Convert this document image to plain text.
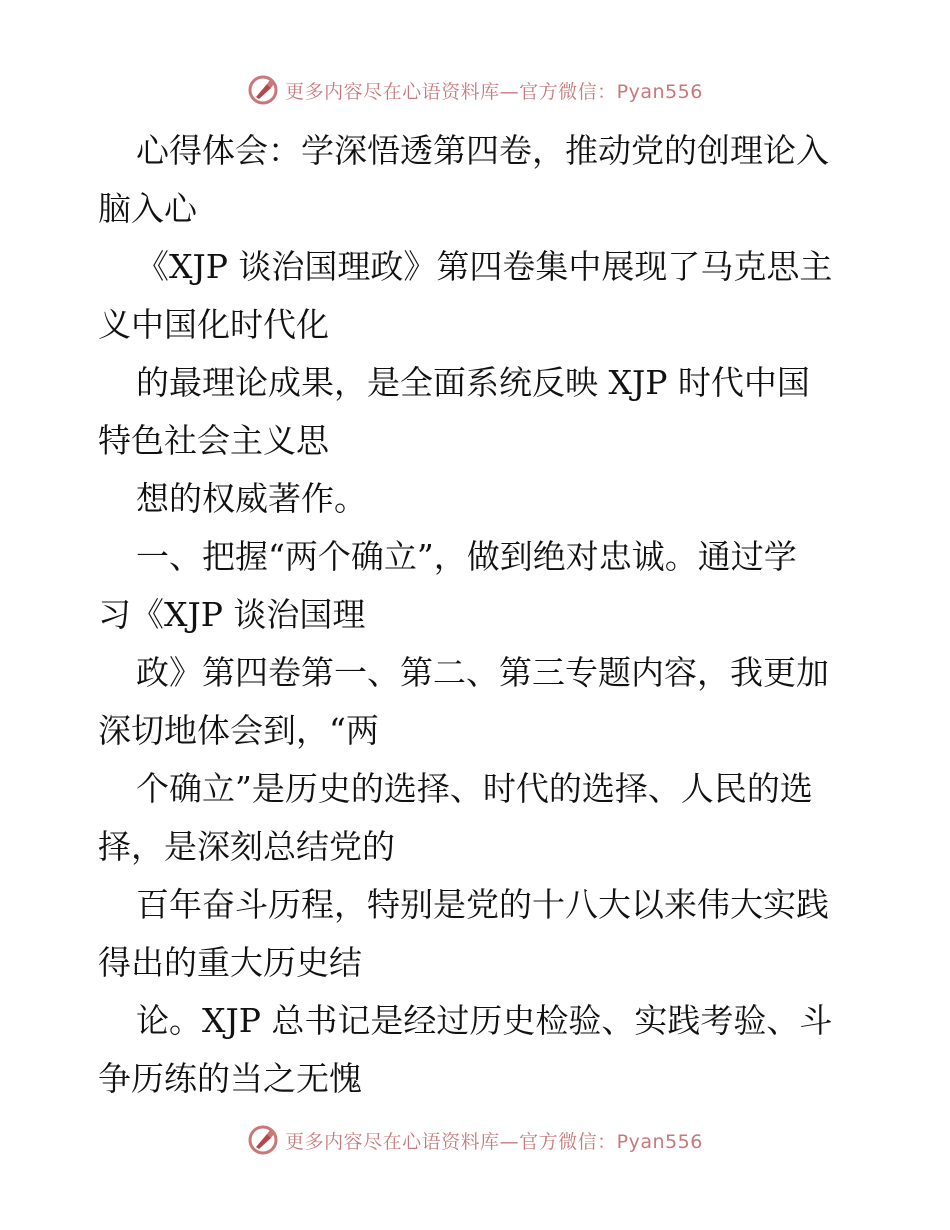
更多内容尽在心语资料库—官方微信：Pyan556

心得体会：学深悟透第四卷，推动党的创理论入
脑入心

《XJP 谈治国理政》第四卷集中展现了马克思主
义中国化时代化

的最理论成果，是全面系统反映 XJP 时代中国
特色社会主义思

想的权威著作。

一、把握“两个确立”，做到绝对忠诚。通过学
习《XJP 谈治国理

政》第四卷第一、第二、第三专题内容，我更加
深切地体会到，“两

个确立”是历史的选择、时代的选择、人民的选
择，是深刻总结党的

百年奋斗历程，特别是党的十八大以来伟大实践
得出的重大历史结

论。XJP 总书记是经过历史检验、实践考验、斗
争历练的当之无愧

更多内容尽在心语资料库—官方微信：Pyan556
